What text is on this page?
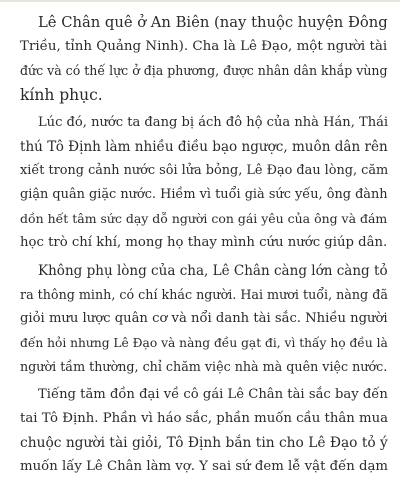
Lê Chân quê ở An Biên (nay thuộc huyện Đông

Triều, tỉnh Quảng Ninh). Cha là Lê Đạo, một người tài

đức và có thế lực ở địa phương, được nhân dân khắp vùng

kính phục.

Lúc đó, nước ta đang bị ách đô hộ của nhà Hán, Thái

thú Tô Định làm nhiều điều bạo ngược, muôn dân rên

xiết trong cảnh nước sôi lửa bỏng, Lê Đạo đau lòng, căm

giận quân giặc nước. Hiềm vì tuổi già sức yếu, ông đành

dồn hết tâm sức dạy dỗ người con gái yêu của ông và đám

học trò chí khí, mong họ thay mình cứu nước giúp dân.

Không phụ lòng của cha, Lê Chân càng lớn càng tỏ

ra thông minh, có chí khác người. Hai mươi tuổi, nàng đã

giỏi mưu lược quân cơ và nổi danh tài sắc. Nhiều người

đến hỏi nhưng Lê Đạo và nàng đều gạt đi, vì thấy họ đều là

người tầm thường, chỉ chăm việc nhà mà quên việc nước.

Tiếng tăm đồn đại về cô gái Lê Chân tài sắc bay đến

tai Tô Định. Phần vì háo sắc, phần muốn cầu thân mua

chuộc người tài giỏi, Tô Định bắn tin cho Lê Đạo tỏ ý

muốn lấy Lê Chân làm vợ. Y sai sứ đem lễ vật đến dạm
